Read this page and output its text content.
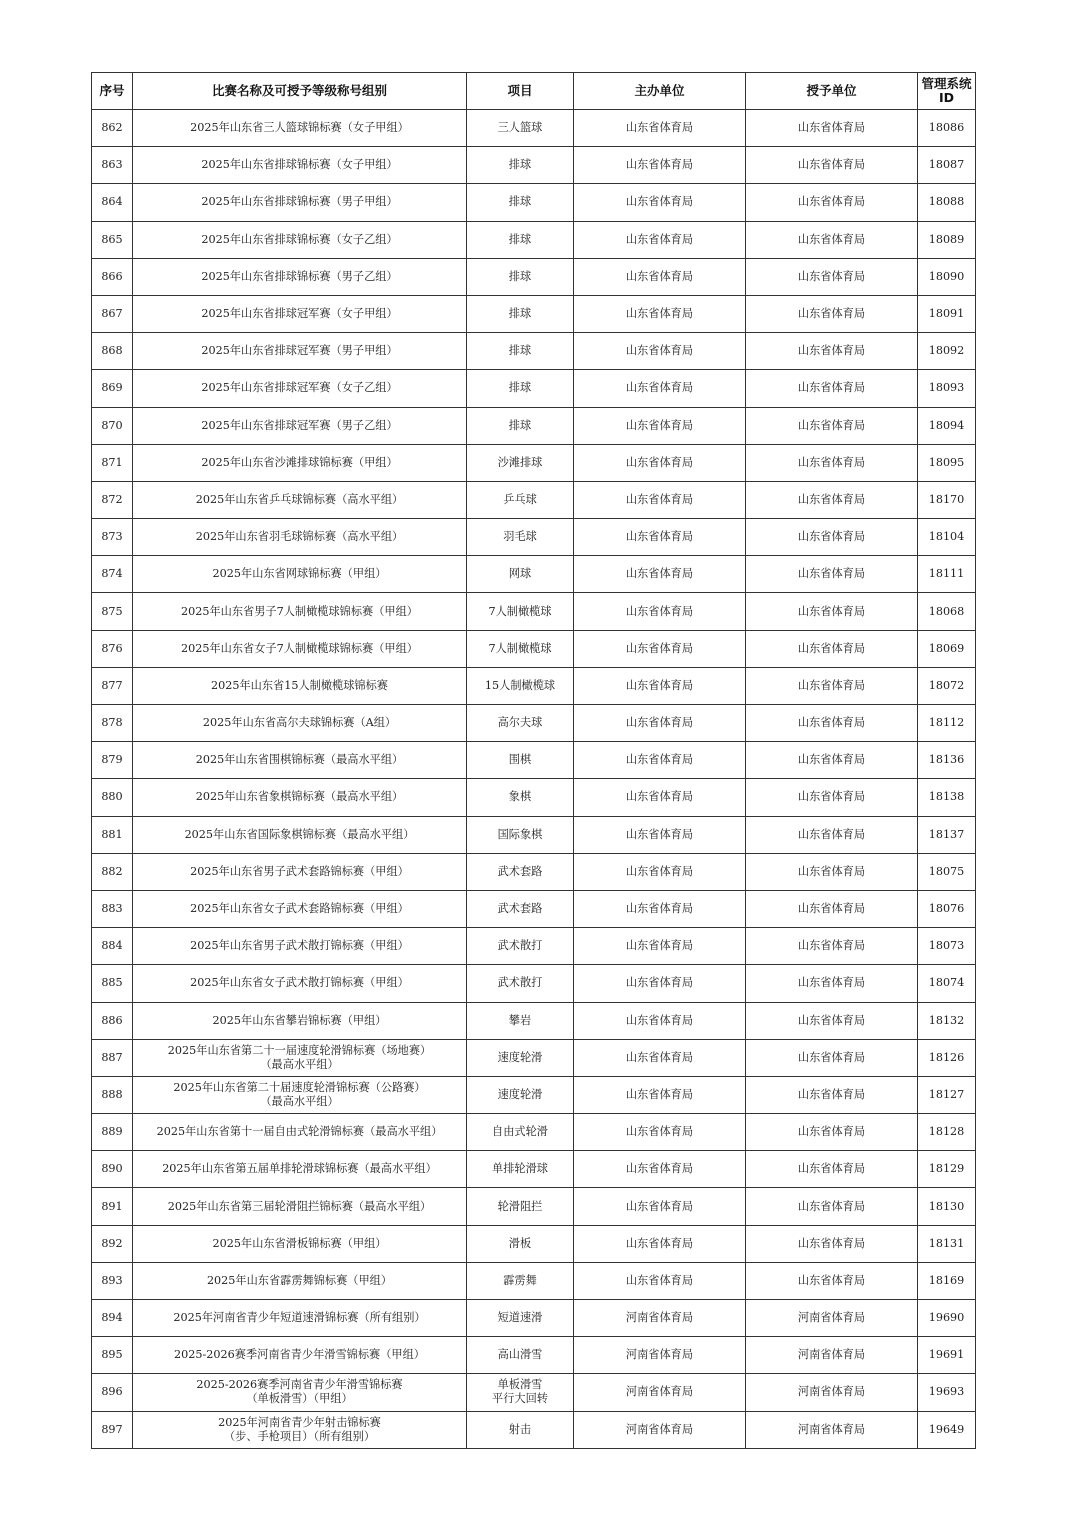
序号	比赛名称及可授予等级称号组别	项目	主办单位	授予单位	管理系统
ID
862	2025年山东省三人篮球锦标赛（女子甲组）	三人篮球	山东省体育局	山东省体育局	18086
863	2025年山东省排球锦标赛（女子甲组）	排球	山东省体育局	山东省体育局	18087
864	2025年山东省排球锦标赛（男子甲组）	排球	山东省体育局	山东省体育局	18088
865	2025年山东省排球锦标赛（女子乙组）	排球	山东省体育局	山东省体育局	18089
866	2025年山东省排球锦标赛（男子乙组）	排球	山东省体育局	山东省体育局	18090
867	2025年山东省排球冠军赛（女子甲组）	排球	山东省体育局	山东省体育局	18091
868	2025年山东省排球冠军赛（男子甲组）	排球	山东省体育局	山东省体育局	18092
869	2025年山东省排球冠军赛（女子乙组）	排球	山东省体育局	山东省体育局	18093
870	2025年山东省排球冠军赛（男子乙组）	排球	山东省体育局	山东省体育局	18094
871	2025年山东省沙滩排球锦标赛（甲组）	沙滩排球	山东省体育局	山东省体育局	18095
872	2025年山东省乒乓球锦标赛（高水平组）	乒乓球	山东省体育局	山东省体育局	18170
873	2025年山东省羽毛球锦标赛（高水平组）	羽毛球	山东省体育局	山东省体育局	18104
874	2025年山东省网球锦标赛（甲组）	网球	山东省体育局	山东省体育局	18111
875	2025年山东省男子7人制橄榄球锦标赛（甲组）	7人制橄榄球	山东省体育局	山东省体育局	18068
876	2025年山东省女子7人制橄榄球锦标赛（甲组）	7人制橄榄球	山东省体育局	山东省体育局	18069
877	2025年山东省15人制橄榄球锦标赛	15人制橄榄球	山东省体育局	山东省体育局	18072
878	2025年山东省高尔夫球锦标赛（A组）	高尔夫球	山东省体育局	山东省体育局	18112
879	2025年山东省围棋锦标赛（最高水平组）	围棋	山东省体育局	山东省体育局	18136
880	2025年山东省象棋锦标赛（最高水平组）	象棋	山东省体育局	山东省体育局	18138
881	2025年山东省国际象棋锦标赛（最高水平组）	国际象棋	山东省体育局	山东省体育局	18137
882	2025年山东省男子武术套路锦标赛（甲组）	武术套路	山东省体育局	山东省体育局	18075
883	2025年山东省女子武术套路锦标赛（甲组）	武术套路	山东省体育局	山东省体育局	18076
884	2025年山东省男子武术散打锦标赛（甲组）	武术散打	山东省体育局	山东省体育局	18073
885	2025年山东省女子武术散打锦标赛（甲组）	武术散打	山东省体育局	山东省体育局	18074
886	2025年山东省攀岩锦标赛（甲组）	攀岩	山东省体育局	山东省体育局	18132
887	2025年山东省第二十一届速度轮滑锦标赛（场地赛）
（最高水平组）	速度轮滑	山东省体育局	山东省体育局	18126
888	2025年山东省第二十届速度轮滑锦标赛（公路赛）
（最高水平组）	速度轮滑	山东省体育局	山东省体育局	18127
889	2025年山东省第十一届自由式轮滑锦标赛（最高水平组）	自由式轮滑	山东省体育局	山东省体育局	18128
890	2025年山东省第五届单排轮滑球锦标赛（最高水平组）	单排轮滑球	山东省体育局	山东省体育局	18129
891	2025年山东省第三届轮滑阻拦锦标赛（最高水平组）	轮滑阻拦	山东省体育局	山东省体育局	18130
892	2025年山东省滑板锦标赛（甲组）	滑板	山东省体育局	山东省体育局	18131
893	2025年山东省霹雳舞锦标赛（甲组）	霹雳舞	山东省体育局	山东省体育局	18169
894	2025年河南省青少年短道速滑锦标赛（所有组别）	短道速滑	河南省体育局	河南省体育局	19690
895	2025-2026赛季河南省青少年滑雪锦标赛（甲组）	高山滑雪	河南省体育局	河南省体育局	19691
896	2025-2026赛季河南省青少年滑雪锦标赛
（单板滑雪）（甲组）	单板滑雪
平行大回转	河南省体育局	河南省体育局	19693
897	2025年河南省青少年射击锦标赛
（步、手枪项目）（所有组别）	射击	河南省体育局	河南省体育局	19649
